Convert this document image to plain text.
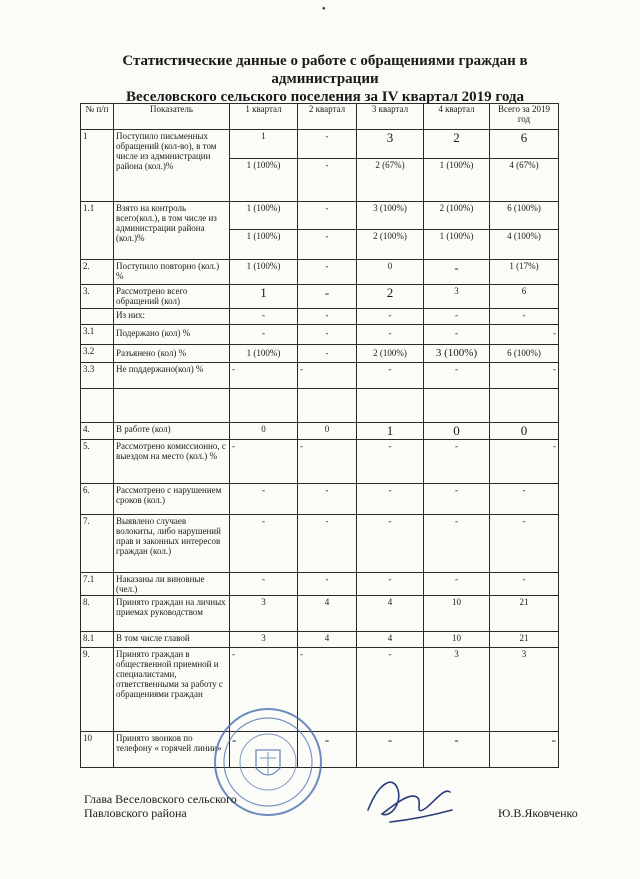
•
Статистические данные о работе с обращениями граждан в
администрации
Веселовского сельского поселения за IV квартал 2019 года
№ п/п	Показатель	1 квартал	2 квартал	3 квартал	4 квартал	Всего за 2019 год
1	Поступило письменных обращений (кол-во), в том числе из администрации района (кол.)%	1	-	3	2	6
		1 (100%)	-	2 (67%)	1 (100%)	4 (67%)
1.1	Взято на контроль всего(кол.), в том числе из администрации района (кол.)%	1 (100%)	-	3 (100%)	2 (100%)	6 (100%)
		1 (100%)	-	2 (100%)	1 (100%)	4 (100%)
2.	Поступило повторно (кол.) %	1 (100%)	-	0	-	1 (17%)
3.	Рассмотрено всего обращений (кол)	1	-	2	3	6
	Из них:	-	-	-	-	-
3.1	Подержано (кол) %	-	-	-	-	-
3.2	Разъянено (кол) %	1 (100%)	-	2 (100%)	3 (100%)	6 (100%)
3.3	Не поддержано(кол) %	-	-	-	-	-

4.	В работе (кол)	0	0	1	0	0
5.	Рассмотрено комиссионно, с выездом на место (кол.) %	-	-	-	-	-
6.	Рассмотрено с нарушением сроков (кол.)	-	-	-	-	-
7.	Выявлено случаев волокиты, либо нарушений прав и законных интересов граждан (кол.)	-	-	-	-	-
7.1	Наказаны ли виновные (чел.)	-	-	-	-	-
8.	Принято граждан на личных приемах руководством	3	4	4	10	21
8.1	В том числе главой	3	4	4	10	21
9.	Принято граждан в общественной приемной и специалистами, ответственными за работу с обращениями граждан	-	-	-	3	3
10	Принято звонков по телефону « горячей линии»	-	-	-	-	-
Глава Веселовского сельского
Павловского района	Ю.В.Яковченко
